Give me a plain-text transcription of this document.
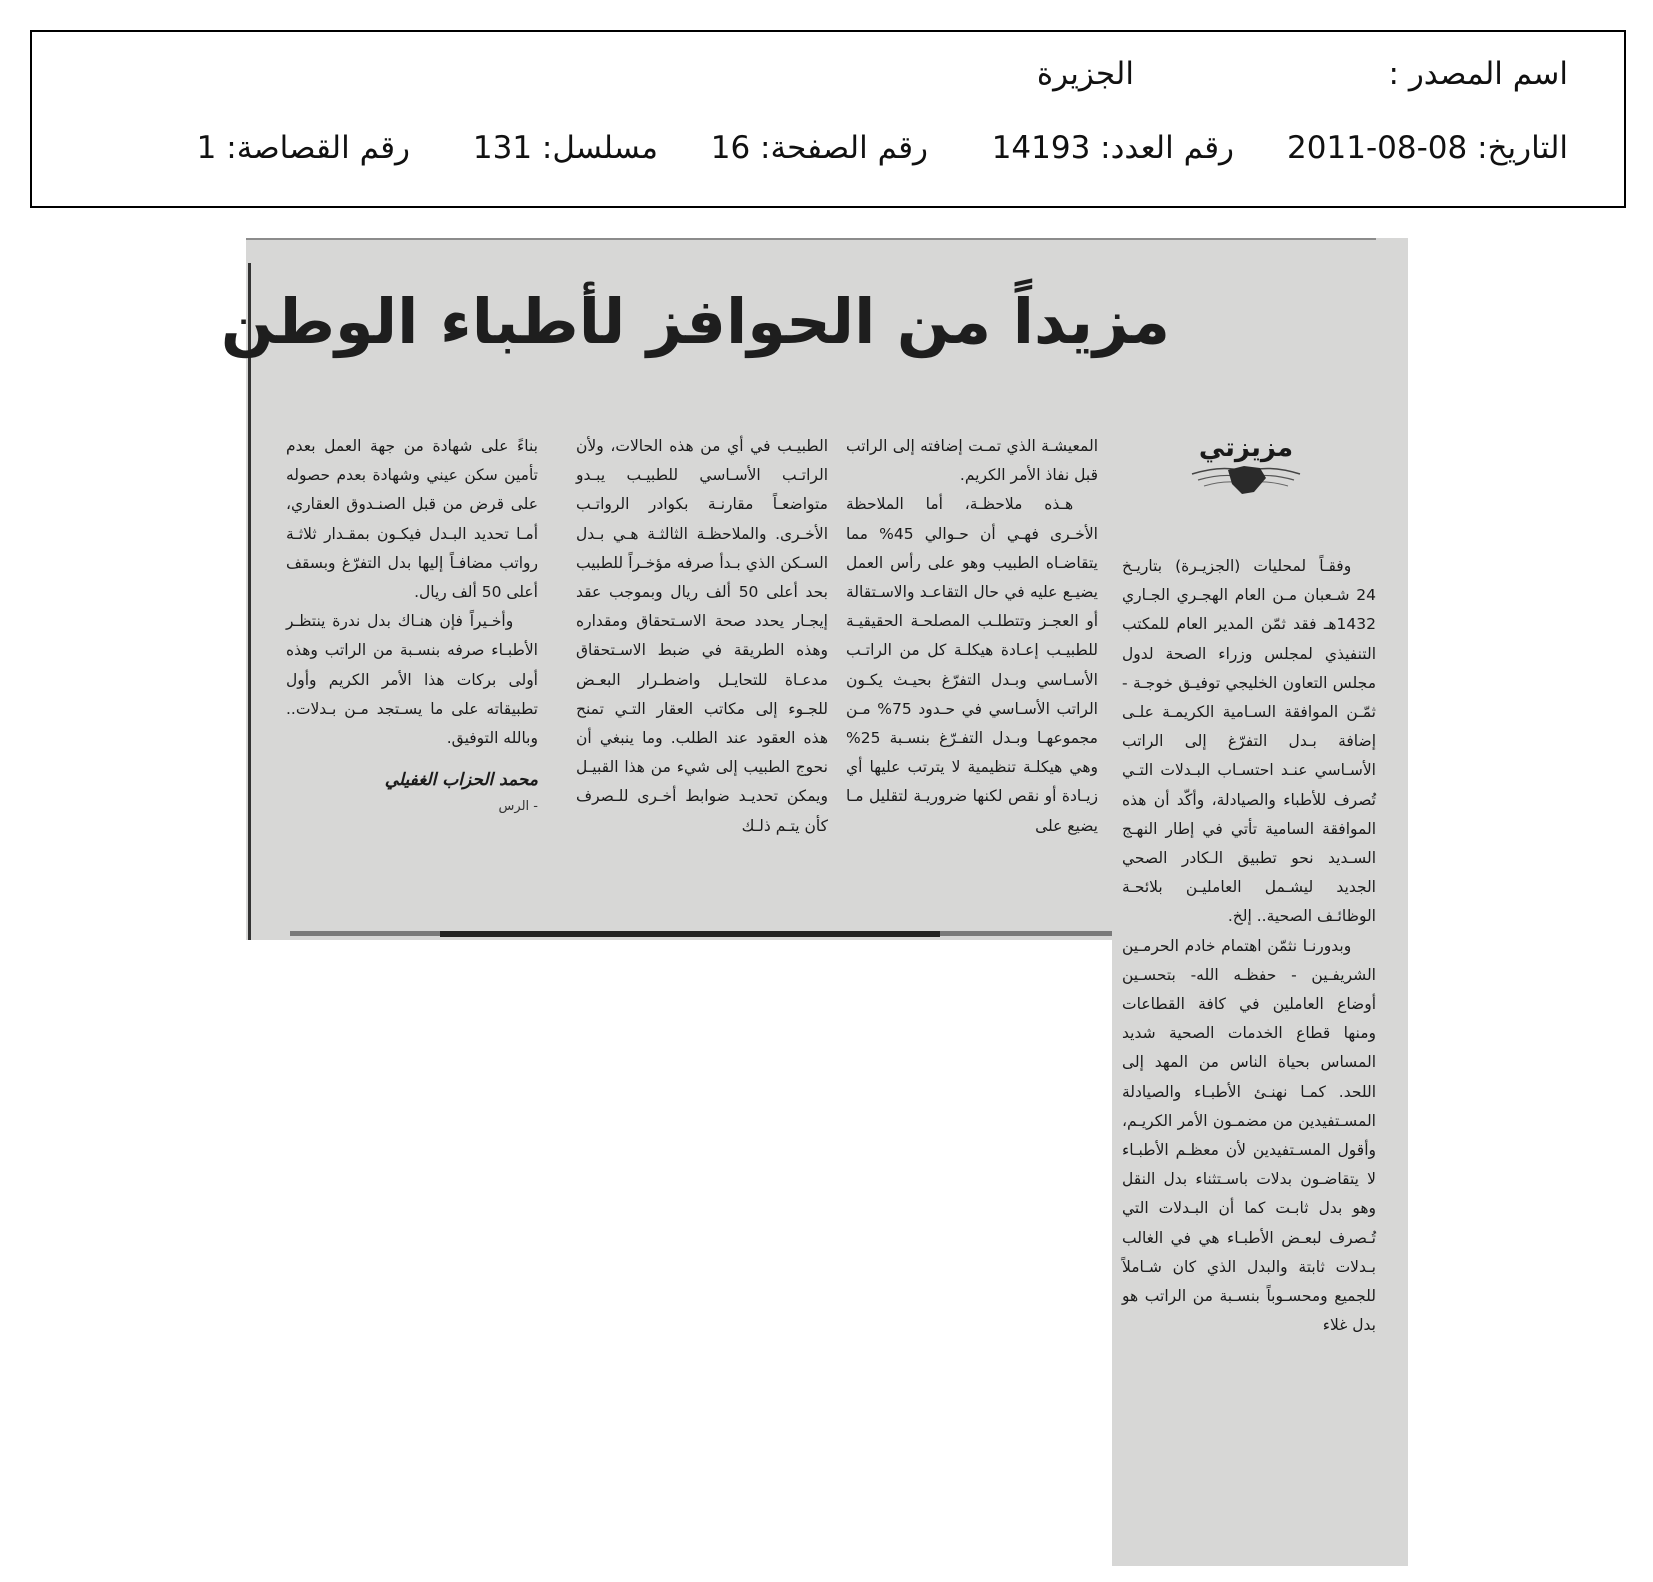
اسم المصدر :
الجزيرة
التاريخ: 08-08-2011
رقم العدد: 14193
رقم الصفحة: 16
مسلسل: 131
رقم القصاصة: 1
مزيداً من الحوافز لأطباء الوطن
مزيزتي

وفقـاً لمحليات (الجزيـرة) بتاريـخ 24 شـعبان مـن العام الهجـري الجـاري 1432هـ فقد ثمّن المدير العام للمكتب التنفيذي لمجلس وزراء الصحة لدول مجلس التعاون الخليجي توفيـق خوجـة - ثمّـن الموافقة السـامية الكريمـة علـى إضافة بـدل التفرّغ إلى الراتب الأسـاسي عنـد احتسـاب البـدلات التـي تُصرف للأطباء والصيادلة، وأكّد أن هذه الموافقة السامية تأتي في إطار النهـج السـديد نحو تطبيق الـكادر الصحي الجديد ليشـمل العامليـن بلائحـة الوظائـف الصحية.. إلخ.

وبدورنـا نثمّن اهتمام خادم الحرمـين الشريفـين - حفظـه الله- بتحسـين أوضاع العاملين في كافة القطاعات ومنها قطاع الخدمات الصحية شديد المساس بحياة الناس من المهد إلى اللحد. كمـا نهنـئ الأطبـاء والصيادلة المسـتفيدين من مضمـون الأمر الكريـم، وأقول المسـتفيدين لأن معظـم الأطبـاء لا يتقاضـون بدلات باسـتثناء بدل النقل وهو بدل ثابـت كما أن البـدلات التي تُـصرف لبعـض الأطبـاء هي في الغالب بـدلات ثابتة والبدل الذي كان شـاملاً للجميع ومحسـوباً بنسـبة من الراتب هو بدل غلاء

المعيشـة الذي تمـت إضافته إلى الراتب قبل نفاذ الأمر الكريم.

هـذه ملاحظـة، أما الملاحظة الأخـرى فهـي أن حـوالي 45% مما يتقاضـاه الطبيب وهو على رأس العمل يضيـع عليه في حال التقاعـد والاسـتقالة أو العجـز وتتطلـب المصلحـة الحقيقيـة للطبيـب إعـادة هيكلـة كل من الراتـب الأسـاسي وبـدل التفرّغ بحيـث يكـون الراتب الأسـاسي في حـدود 75% مـن مجموعهـا وبـدل التفـرّغ بنسـبة 25% وهي هيكلـة تنظيمية لا يترتب عليها أي زيـادة أو نقص لكنها ضروريـة لتقليل مـا يضيع على

الطبيـب في أي من هذه الحالات، ولأن الراتـب الأسـاسي للطبيـب يبـدو متواضعـاً مقارنـة بكوادر الرواتـب الأخـرى. والملاحظـة الثالثـة هـي بـدل السـكن الذي بـدأ صرفه مؤخـراً للطبيب بحد أعلى 50 ألف ريال وبموجب عقد إيجـار يحدد صحة الاسـتحقاق ومقداره وهذه الطريقة في ضبط الاسـتحقاق مدعـاة للتحايـل واضطـرار البعـض للجـوء إلى مكاتب العقار التـي تمنح هذه العقود عند الطلب. وما ينبغي أن نحوج الطبيب إلى شيء من هذا القبيـل ويمكن تحديـد ضوابط أخـرى للـصرف كأن يتـم ذلـك

بناءً على شهادة من جهة العمل بعدم تأمين سكن عيني وشهادة بعدم حصوله على قرض من قبل الصنـدوق العقاري، أمـا تحديد البـدل فيكـون بمقـدار ثلاثـة رواتب مضافـاً إليها بدل التفرّغ وبسقف أعلى 50 ألف ريال.

وأخـيراً فإن هنـاك بدل ندرة ينتظـر الأطبـاء صرفه بنسـبة من الراتب وهذه أولى بركات هذا الأمر الكريم وأول تطبيقاته على ما يسـتجد مـن بـدلات.. وبالله التوفيق.

محمد الحزاب الغفيلي
- الرس
